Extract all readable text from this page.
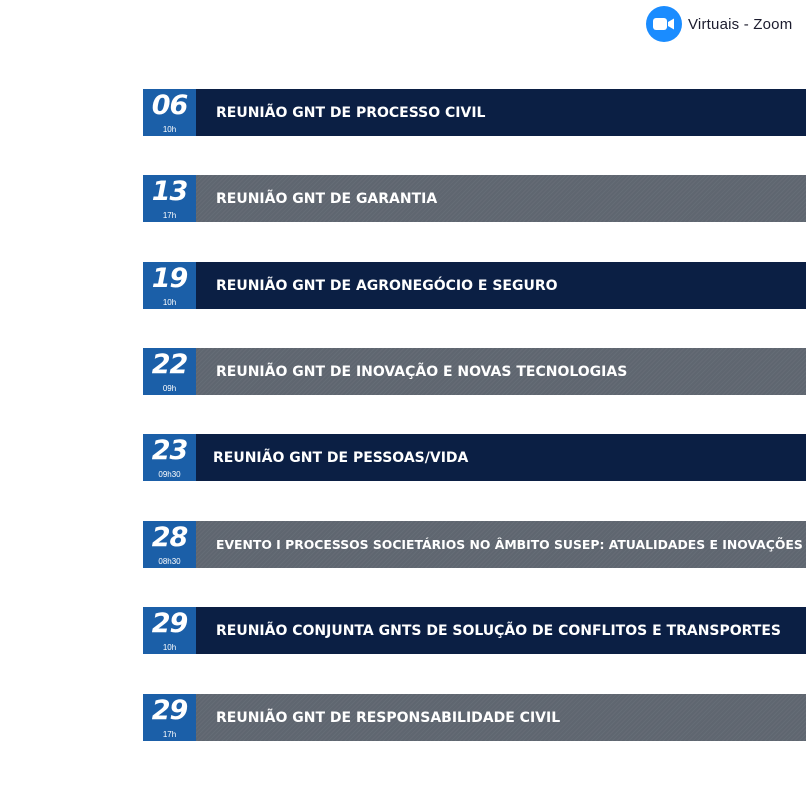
Virtuais - Zoom
06
10h
REUNIÃO GNT DE PROCESSO CIVIL
13
17h
REUNIÃO GNT DE GARANTIA
19
10h
REUNIÃO GNT DE AGRONEGÓCIO E SEGURO
22
09h
REUNIÃO GNT DE INOVAÇÃO E NOVAS TECNOLOGIAS
23
09h30
REUNIÃO GNT DE PESSOAS/VIDA
28
08h30
EVENTO I PROCESSOS SOCIETÁRIOS NO ÂMBITO SUSEP: ATUALIDADES E INOVAÇÕES
29
10h
REUNIÃO CONJUNTA GNTS DE SOLUÇÃO DE CONFLITOS E TRANSPORTES
29
17h
REUNIÃO GNT DE RESPONSABILIDADE CIVIL
